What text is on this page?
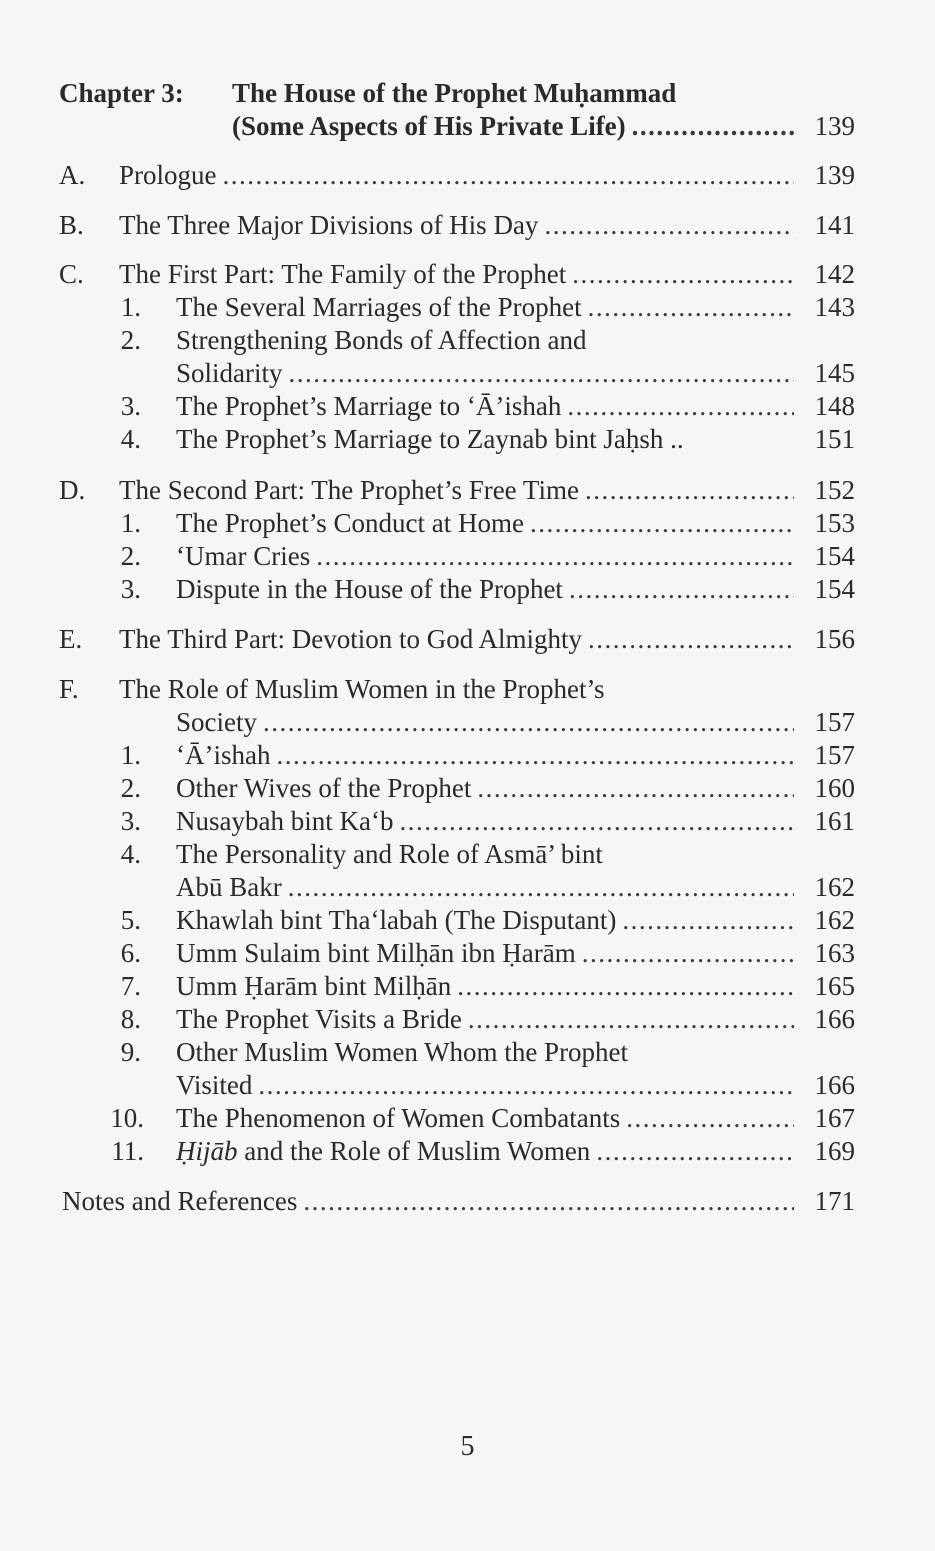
Chapter 3: The House of the Prophet Muḥammad
(Some Aspects of His Private Life) .....	139
A. Prologue .....	139
B. The Three Major Divisions of His Day .....	141
C. The First Part: The Family of the Prophet .....	142
1. The Several Marriages of the Prophet .....	143
2. Strengthening Bonds of Affection and
Solidarity .....	145
3. The Prophet’s Marriage to ‘Ā’ishah .....	148
4. The Prophet’s Marriage to Zaynab bint Jaḥsh ..	151
D. The Second Part: The Prophet’s Free Time .....	152
1. The Prophet’s Conduct at Home .....	153
2. ‘Umar Cries .....	154
3. Dispute in the House of the Prophet .....	154
E. The Third Part: Devotion to God Almighty .....	156
F. The Role of Muslim Women in the Prophet’s
Society .....	157
1. ‘Ā’ishah .....	157
2. Other Wives of the Prophet .....	160
3. Nusaybah bint Ka‘b .....	161
4. The Personality and Role of Asmā’ bint
Abū Bakr .....	162
5. Khawlah bint Tha‘labah (The Disputant) .....	162
6. Umm Sulaim bint Milḥān ibn Ḥarām .....	163
7. Umm Ḥarām bint Milḥān .....	165
8. The Prophet Visits a Bride .....	166
9. Other Muslim Women Whom the Prophet
Visited .....	166
10. The Phenomenon of Women Combatants .....	167
11. Ḥijāb and the Role of Muslim Women .....	169
Notes and References .....	171
5
